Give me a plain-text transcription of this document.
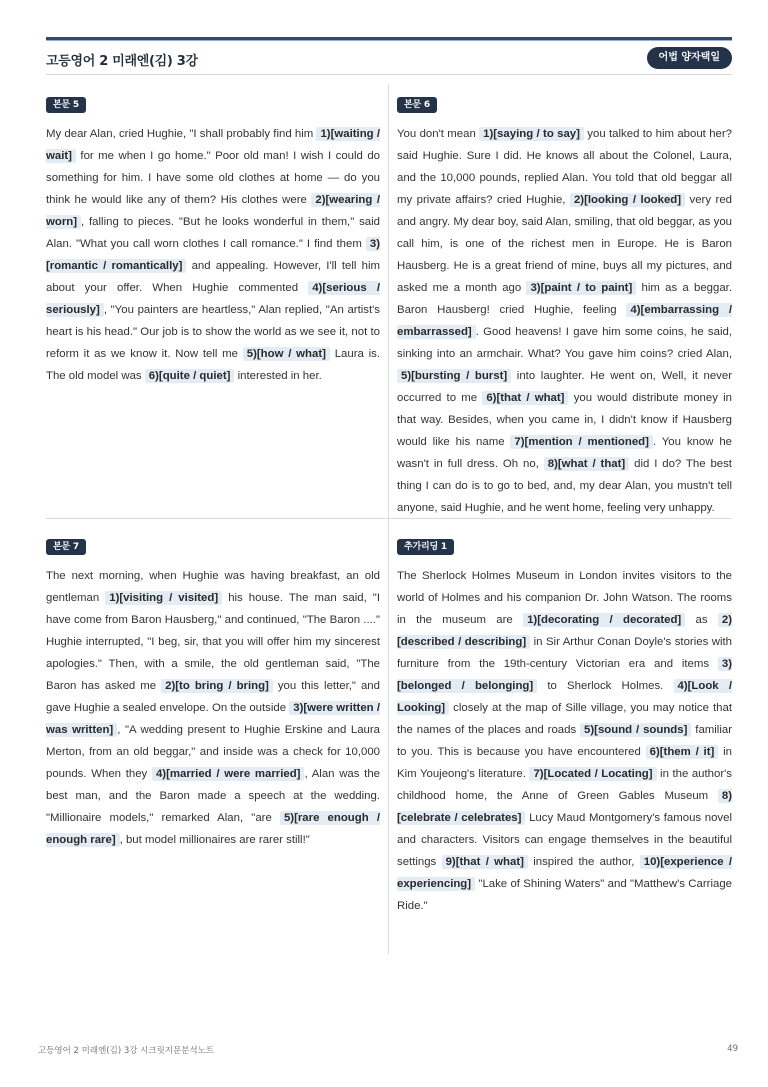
고등영어 2 미래엔(김) 3강	어법 양자택일
본문 5

My dear Alan, cried Hughie, "I shall probably find him 1)[waiting / wait] for me when I go home." Poor old man! I wish I could do something for him. I have some old clothes at home — do you think he would like any of them? His clothes were 2)[wearing / worn] , falling to pieces. "But he looks wonderful in them," said Alan. "What you call worn clothes I call romance." I find them 3)[romantic / romantically] and appealing. However, I'll tell him about your offer. When Hughie commented 4)[serious / seriously] , "You painters are heartless," Alan replied, "An artist's heart is his head." Our job is to show the world as we see it, not to reform it as we know it. Now tell me 5)[how / what] Laura is. The old model was 6)[quite / quiet] interested in her.

본문 6

You don't mean 1)[saying / to say] you talked to him about her? said Hughie. Sure I did. He knows all about the Colonel, Laura, and the 10,000 pounds, replied Alan. You told that old beggar all my private affairs? cried Hughie, 2)[looking / looked] very red and angry. My dear boy, said Alan, smiling, that old beggar, as you call him, is one of the richest men in Europe. He is Baron Hausberg. He is a great friend of mine, buys all my pictures, and asked me a month ago 3)[paint / to paint] him as a beggar. Baron Hausberg! cried Hughie, feeling 4)[embarrassing / embarrassed] . Good heavens! I gave him some coins, he said, sinking into an armchair. What? You gave him coins? cried Alan, 5)[bursting / burst] into laughter. He went on, Well, it never occurred to me 6)[that / what] you would distribute money in that way. Besides, when you came in, I didn't know if Hausberg would like his name 7)[mention / mentioned] . You know he wasn't in full dress. Oh no, 8)[what / that] did I do? The best thing I can do is to go to bed, and, my dear Alan, you mustn't tell anyone, said Hughie, and he went home, feeling very unhappy.

본문 7

The next morning, when Hughie was having breakfast, an old gentleman 1)[visiting / visited] his house. The man said, "I have come from Baron Hausberg," and continued, "The Baron ...." Hughie interrupted, "I beg, sir, that you will offer him my sincerest apologies." Then, with a smile, the old gentleman said, "The Baron has asked me 2)[to bring / bring] you this letter," and gave Hughie a sealed envelope. On the outside 3)[were written / was written] , "A wedding present to Hughie Erskine and Laura Merton, from an old beggar," and inside was a check for 10,000 pounds. When they 4)[married / were married] , Alan was the best man, and the Baron made a speech at the wedding. "Millionaire models," remarked Alan, "are 5)[rare enough / enough rare] , but model millionaires are rarer still!"

추가리딩 1

The Sherlock Holmes Museum in London invites visitors to the world of Holmes and his companion Dr. John Watson. The rooms in the museum are 1)[decorating / decorated] as 2)[described / describing] in Sir Arthur Conan Doyle's stories with furniture from the 19th-century Victorian era and items 3)[belonged / belonging] to Sherlock Holmes. 4)[Look / Looking] closely at the map of Sille village, you may notice that the names of the places and roads 5)[sound / sounds] familiar to you. This is because you have encountered 6)[them / it] in Kim Youjeong's literature. 7)[Located / Locating] in the author's childhood home, the Anne of Green Gables Museum 8)[celebrate / celebrates] Lucy Maud Montgomery's famous novel and characters. Visitors can engage themselves in the beautiful settings 9)[that / what] inspired the author, 10)[experience / experiencing] "Lake of Shining Waters" and "Matthew's Carriage Ride."

고등영어 2 미래엔(김) 3강 시크릿지문분석노트	49
